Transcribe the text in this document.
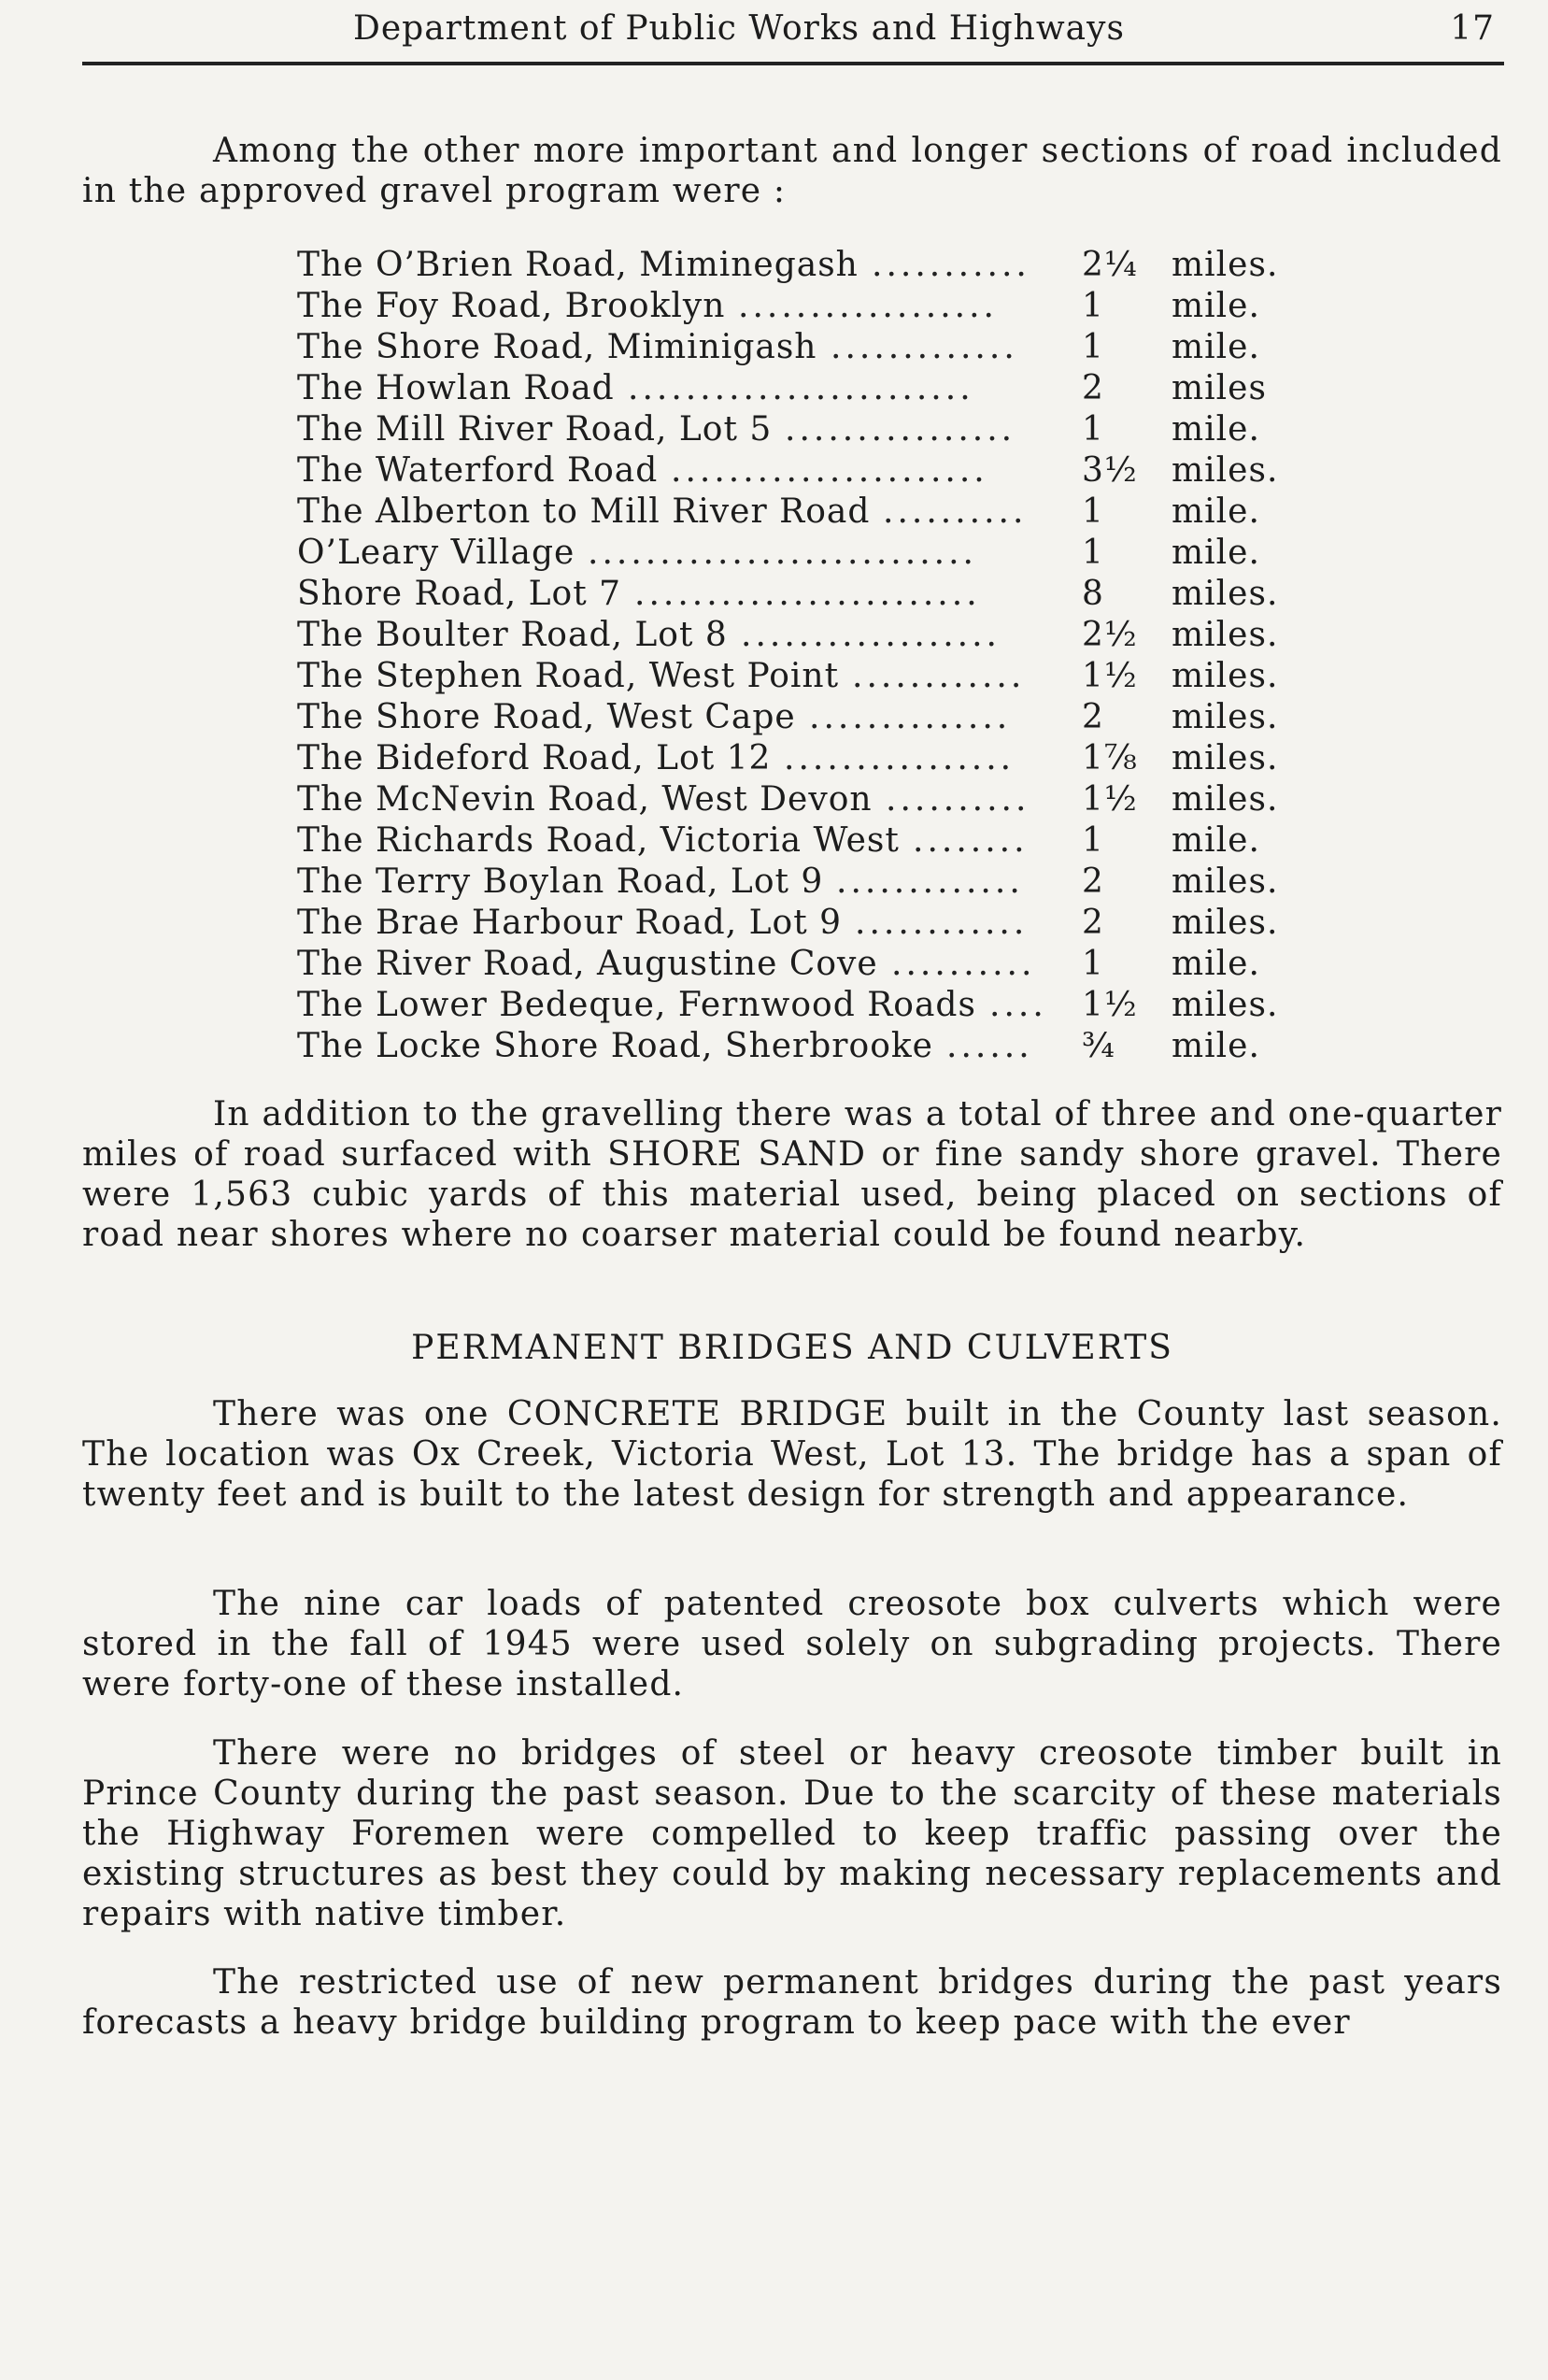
Department of Public Works and Highways	17
Among the other more important and longer sections of road included in the approved gravel program were :
The O’Brien Road, Miminegash ........... 2¼	miles.
The Foy Road, Brooklyn ..................	1	mile.
The Shore Road, Miminigash ............. 1	mile.
The Howlan Road ........................	2	miles
The Mill River Road, Lot 5 ................ 1	mile.
The Waterford Road ......................	3½	miles.
The Alberton to Mill River Road .......... 1	mile.
O’Leary Village ...........................	1	mile.
Shore Road, Lot 7 ........................	8	miles.
The Boulter Road, Lot 8 .................. 2½	miles.
The Stephen Road, West Point ............ 1½	miles.
The Shore Road, West Cape .............. 2	miles.
The Bideford Road, Lot 12 ................ 1⅞	miles.
The McNevin Road, West Devon .......... 1½	miles.
The Richards Road, Victoria West ........ 1	mile.
The Terry Boylan Road, Lot 9 ............. 2	miles.
The Brae Harbour Road, Lot 9 ............ 2	miles.
The River Road, Augustine Cove .......... 1	mile.
The Lower Bedeque, Fernwood Roads .... 1½	miles.
The Locke Shore Road, Sherbrooke ...... ¾	mile.
In addition to the gravelling there was a total of three and one-quarter miles of road surfaced with SHORE SAND or fine sandy shore gravel. There were 1,563 cubic yards of this material used, being placed on sections of road near shores where no coarser material could be found nearby.
PERMANENT BRIDGES AND CULVERTS
There was one CONCRETE BRIDGE built in the County last season. The location was Ox Creek, Victoria West, Lot 13. The bridge has a span of twenty feet and is built to the latest design for strength and appearance.
The nine car loads of patented creosote box culverts which were stored in the fall of 1945 were used solely on subgrading projects. There were forty-one of these installed.
There were no bridges of steel or heavy creosote timber built in Prince County during the past season. Due to the scarcity of these materials the Highway Foremen were compelled to keep traffic passing over the existing structures as best they could by making necessary replacements and repairs with native timber.
The restricted use of new permanent bridges during the past years forecasts a heavy bridge building program to keep pace with the ever
